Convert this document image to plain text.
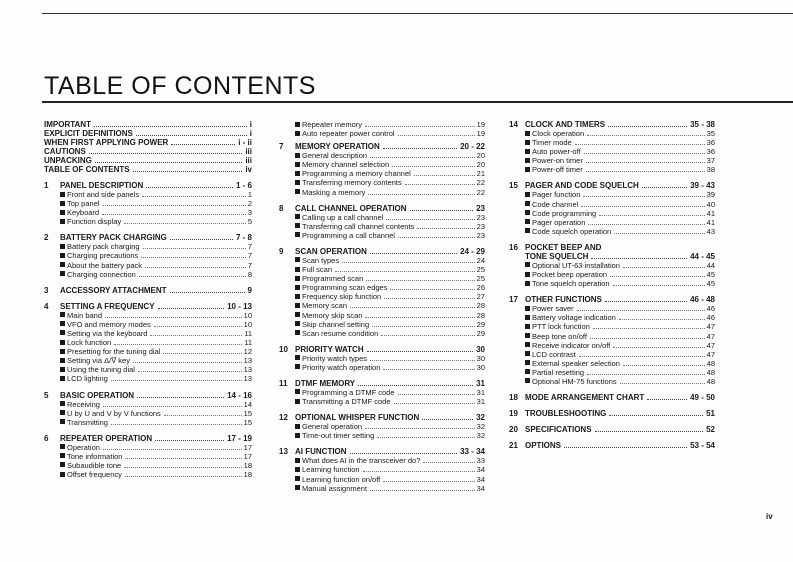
TABLE OF CONTENTS
IMPORTANT	i
EXPLICIT DEFINITIONS	i
WHEN FIRST APPLYING POWER	i - ii
CAUTIONS	iii
UNPACKING	iii
TABLE OF CONTENTS	iv
1	PANEL DESCRIPTION	1 - 6
Front and side panels	1
Top panel	2
Keyboard	3
Function display	5
2	BATTERY PACK CHARGING	7 - 8
Battery pack charging	7
Charging precautions	7
About the battery pack	7
Charging connection	8
3	ACCESSORY ATTACHMENT	9
4	SETTING A FREQUENCY	10 - 13
Main band	10
VFO and memory modes	10
Setting via the keyboard	11
Lock function	11
Presetting for the tuning dial	12
Setting via Δ/∇ key	13
Using the tuning dial	13
LCD lighting	13
5	BASIC OPERATION	14 - 16
Receiving	14
U by U and V by V functions	15
Transmitting	15
6	REPEATER OPERATION	17 - 19
Operation	17
Tone information	17
Subaudible tone	18
Offset frequency	18
Repeater memory	19
Auto repeater power control	19
7	MEMORY OPERATION	20 - 22
General description	20
Memory channel selection	20
Programming a memory channel	21
Transferring memory contents	22
Masking a memory	22
8	CALL CHANNEL OPERATION	23
Calling up a call channel	23
Transferring call channel contents	23
Programming a call channel	23
9	SCAN OPERATION	24 - 29
Scan types	24
Full scan	25
Programmed scan	25
Programming scan edges	26
Frequency skip function	27
Memory scan	28
Memory skip scan	28
Skip channel setting	29
Scan resume condition	29
10 PRIORITY WATCH	30
Priority watch types	30
Priority watch operation	30
11 DTMF MEMORY	31
Programming a DTMF code	31
Transmitting a DTMF code	31
12 OPTIONAL WHISPER FUNCTION	32
General operation	32
Time-out timer setting	32
13 AI FUNCTION	33 - 34
What does AI in the transceiver do?	33
Learning function	34
Learning function on/off	34
Manual assignment	34
14 CLOCK AND TIMERS	35 - 38
Clock operation	35
Timer mode	36
Auto power-off	36
Power-on timer	37
Power-off timer	38
15 PAGER AND CODE SQUELCH	39 - 43
Pager function	39
Code channel	40
Code programming	41
Pager operation	41
Code squelch operation	43
16 POCKET BEEP AND
TONE SQUELCH	44 - 45
Optional UT-63 installation	44
Pocket beep operation	45
Tone squelch operation	45
17 OTHER FUNCTIONS	46 - 48
Power saver	46
Battery voltage indication	46
PTT lock function	47
Beep tone on/off	47
Receive indicator on/off	47
LCD contrast	47
External speaker selection	48
Partial resetting	48
Optional HM-75 functions	48
18 MODE ARRANGEMENT CHART	49 - 50
19 TROUBLESHOOTING	51
20 SPECIFICATIONS	52
21 OPTIONS	53 - 54
iv
